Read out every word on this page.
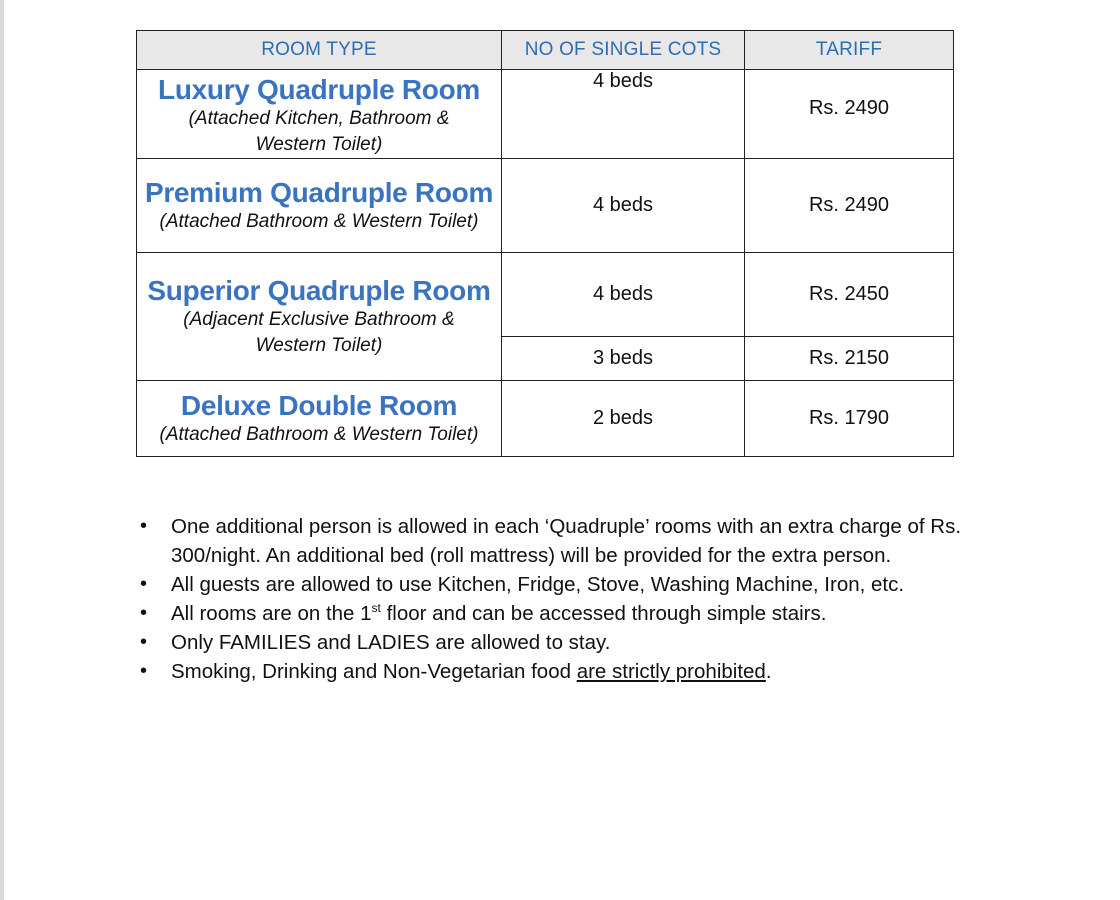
ROOM TYPE	NO OF SINGLE COTS	TARIFF

Luxury Quadruple Room
(Attached Kitchen, Bathroom & Western Toilet)	4 beds	Rs. 2490

Premium Quadruple Room
(Attached Bathroom & Western Toilet)	4 beds	Rs. 2490

Superior Quadruple Room
(Adjacent Exclusive Bathroom & Western Toilet)	4 beds	Rs. 2450
	3 beds	Rs. 2150

Deluxe Double Room
(Attached Bathroom & Western Toilet)	2 beds	Rs. 1790
• One additional person is allowed in each ‘Quadruple’ rooms with an extra charge of Rs. 300/night. An additional bed (roll mattress) will be provided for the extra person.
• All guests are allowed to use Kitchen, Fridge, Stove, Washing Machine, Iron, etc.
• All rooms are on the 1st floor and can be accessed through simple stairs.
• Only FAMILIES and LADIES are allowed to stay.
• Smoking, Drinking and Non-Vegetarian food are strictly prohibited.
